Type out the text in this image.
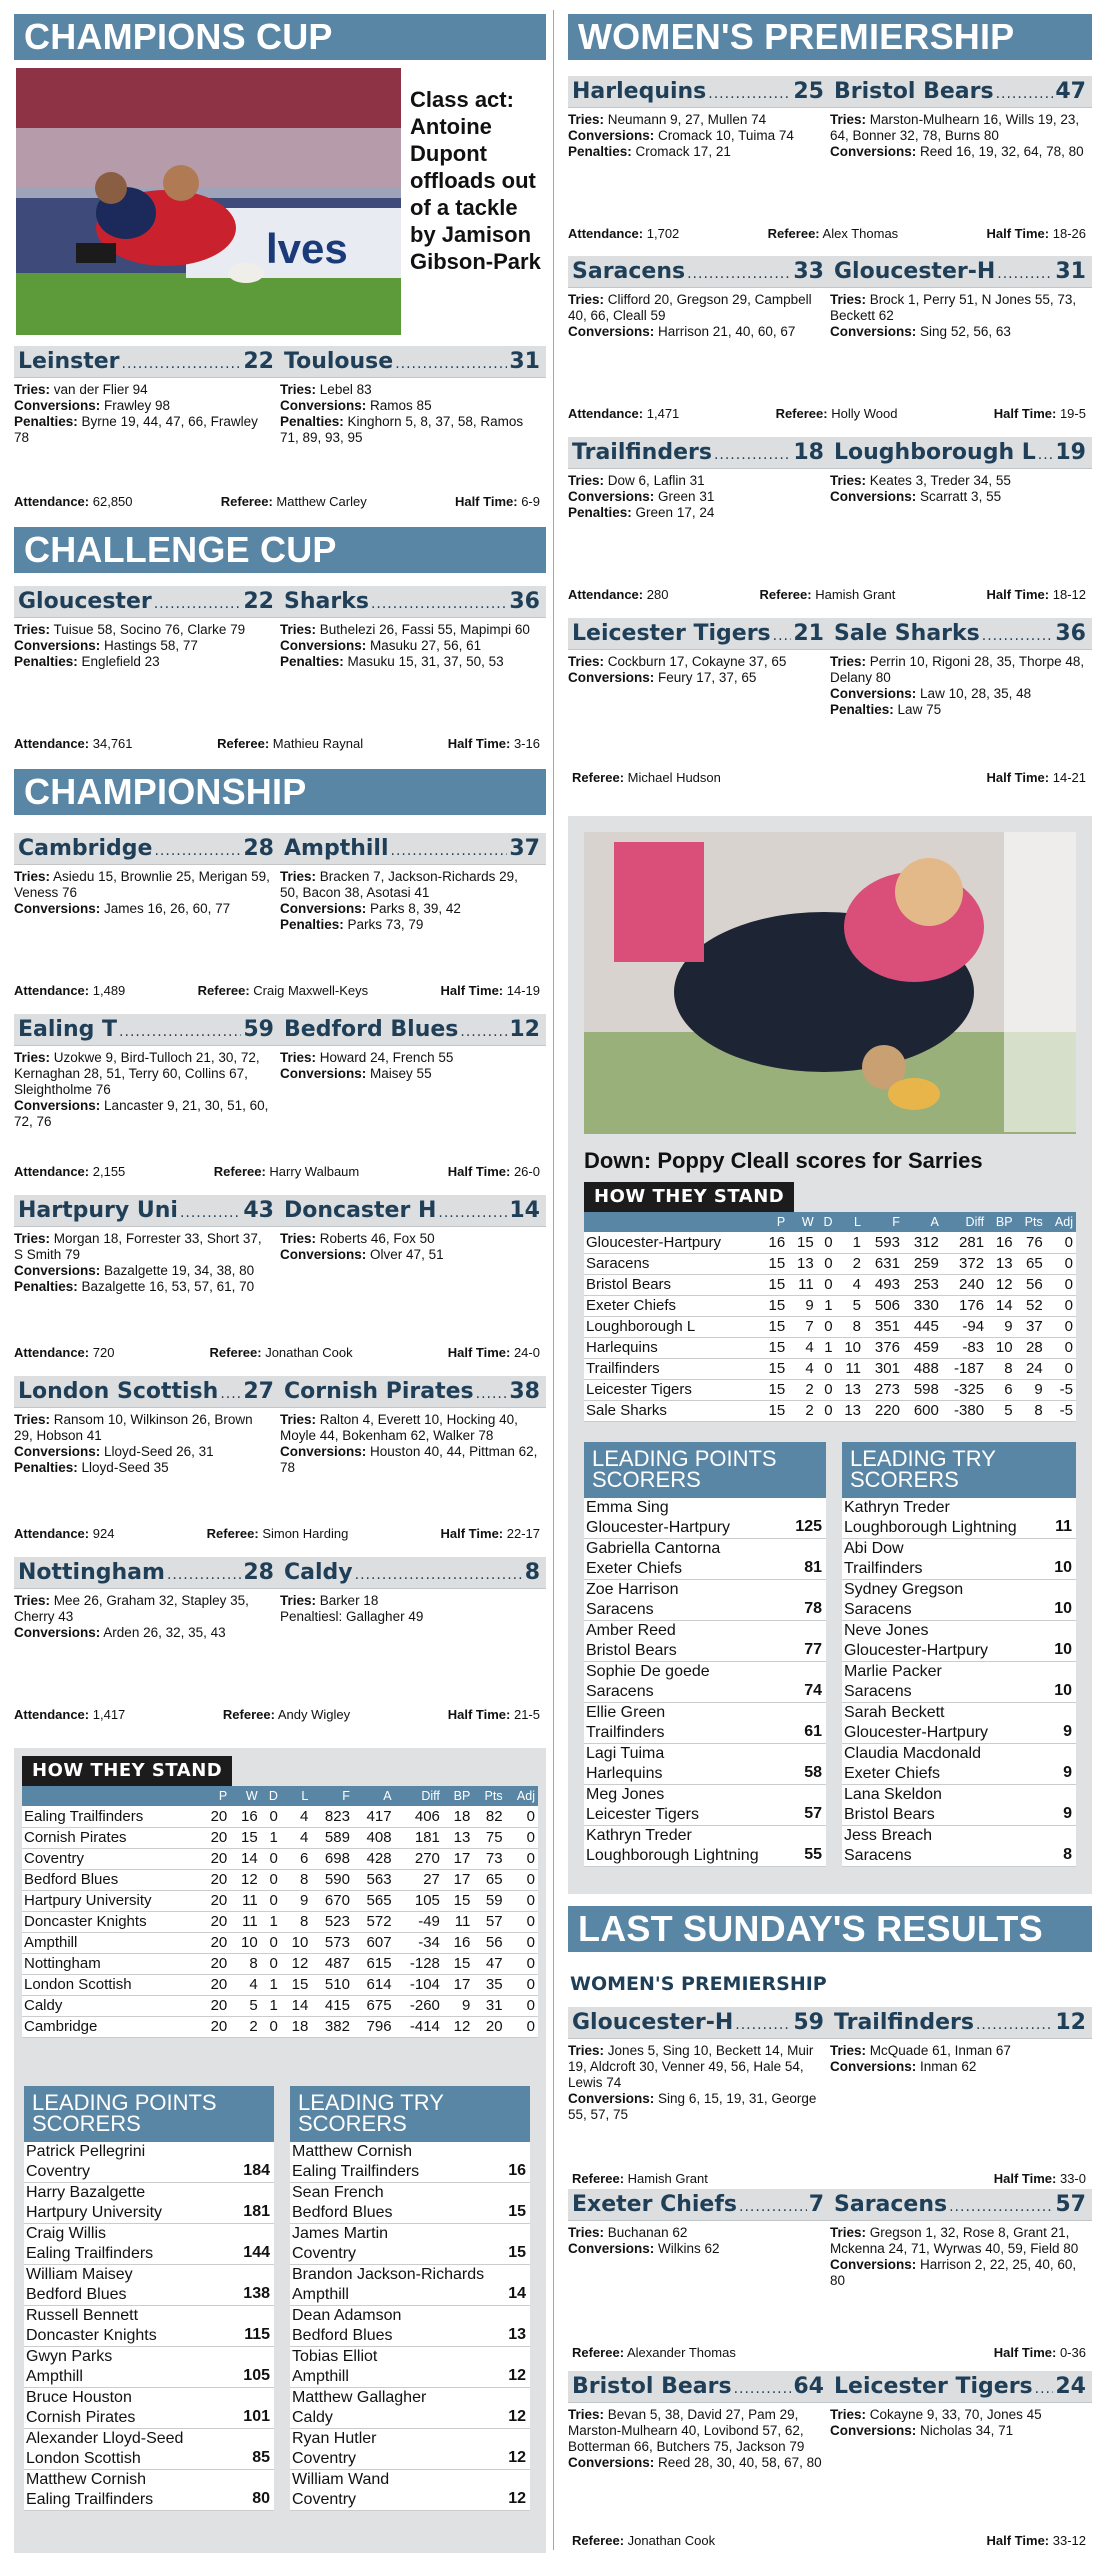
CHAMPIONS CUP
lves
Class act: Antoine Dupont offloads out of a tackle by Jamison Gibson-Park
Leinster .....	22 Toulouse .....	31
Tries: van der Flier 94
Conversions: Frawley 98
Penalties: Byrne 19, 44, 47, 66, Frawley 78

Tries: Lebel 83
Conversions: Ramos 85
Penalties: Kinghorn 5, 8, 37, 58, Ramos 71, 89, 93, 95

Attendance: 62,850	Referee: Matthew Carley	Half Time: 6-9
CHALLENGE CUP
Gloucester .....	22 Sharks .....	36
Tries: Tuisue 58, Socino 76, Clarke 79
Conversions: Hastings 58, 77
Penalties: Englefield 23

Tries: Buthelezi 26, Fassi 55, Mapimpi 60
Conversions: Masuku 27, 56, 61
Penalties: Masuku 15, 31, 37, 50, 53

Attendance: 34,761	Referee: Mathieu Raynal	Half Time: 3-16
CHAMPIONSHIP
Cambridge .....	28 Ampthill .....	37
Tries: Asiedu 15, Brownlie 25, Merigan 59, Veness 76
Conversions: James 16, 26, 60, 77

Tries: Bracken 7, Jackson-Richards 29, 50, Bacon 38, Asotasi 41
Conversions: Parks 8, 39, 42
Penalties: Parks 73, 79

Attendance: 1,489	Referee: Craig Maxwell-Keys	Half Time: 14-19
Ealing T .....	59 Bedford Blues ..... 12
Tries: Uzokwe 9, Bird-Tulloch 21, 30, 72, Kernaghan 28, 51, Terry 60, Collins 67, Sleightholme 76
Conversions: Lancaster 9, 21, 30, 51, 60, 72, 76

Tries: Howard 24, French 55
Conversions: Maisey 55

Attendance: 2,155	Referee: Harry Walbaum	Half Time: 26-0
Hartpury Uni .....	43 Doncaster H .....	14
Tries: Morgan 18, Forrester 33, Short 37, S Smith 79
Conversions: Bazalgette 19, 34, 38, 80
Penalties: Bazalgette 16, 53, 57, 61, 70

Tries: Roberts 46, Fox 50
Conversions: Olver 47, 51

Attendance: 720	Referee: Jonathan Cook	Half Time: 24-0
London Scottish ..... 27 Cornish Pirates ..... 38
Tries: Ransom 10, Wilkinson 26, Brown 29, Hobson 41
Conversions: Lloyd-Seed 26, 31
Penalties: Lloyd-Seed 35

Tries: Ralton 4, Everett 10, Hocking 40, Moyle 44, Bokenham 62, Walker 78
Conversions: Houston 40, 44, Pittman 62, 78

Attendance: 924	Referee: Simon Harding	Half Time: 22-17
Nottingham .....	28 Caldy .....	8
Tries: Mee 26, Graham 32, Stapley 35, Cherry 43
Conversions: Arden 26, 32, 35, 43

Tries: Barker 18
Penaltiesl: Gallagher 49

Attendance: 1,417	Referee: Andy Wigley	Half Time: 21-5
HOW THEY STAND
	P	W	D	L	F	A	Diff	BP	Pts	Adj
Ealing Trailfinders	20	16	0	4	823	417	406	18	82	0
Cornish Pirates	20	15	1	4	589	408	181	13	75	0
Coventry	20	14	0	6	698	428	270	17	73	0
Bedford Blues	20	12	0	8	590	563	27	17	65	0
Hartpury University	20	11	0	9	670	565	105	15	59	0
Doncaster Knights	20	11	1	8	523	572	-49	11	57	0
Ampthill	20	10	0	10	573	607	-34	16	56	0
Nottingham	20	8	0	12	487	615	-128	15	47	0
London Scottish	20	4	1	15	510	614	-104	17	35	0
Caldy	20	5	1	14	415	675	-260	9	31	0
Cambridge	20	2	0	18	382	796	-414	12	20	0
LEADING POINTS SCORERS
Patrick Pellegrini
Coventry	184
Harry Bazalgette
Hartpury University	181
Craig Willis
Ealing Trailfinders	144
William Maisey
Bedford Blues	138
Russell Bennett
Doncaster Knights	115
Gwyn Parks
Ampthill	105
Bruce Houston
Cornish Pirates	101
Alexander Lloyd-Seed
London Scottish	85
Matthew Cornish
Ealing Trailfinders	80
LEADING TRY SCORERS
Matthew Cornish
Ealing Trailfinders	16
Sean French
Bedford Blues	15
James Martin
Coventry	15
Brandon Jackson-Richards
Ampthill	14
Dean Adamson
Bedford Blues	13
Tobias Elliot
Ampthill	12
Matthew Gallagher
Caldy	12
Ryan Hutler
Coventry	12
William Wand
Coventry	12
WOMEN'S PREMIERSHIP
Harlequins .....	25 Bristol Bears .....	47
Tries: Neumann 9, 27, Mullen 74
Conversions: Cromack 10, Tuima 74
Penalties: Cromack 17, 21

Tries: Marston-Mulhearn 16, Wills 19, 23, 64, Bonner 32, 78, Burns 80
Conversions: Reed 16, 19, 32, 64, 78, 80

Attendance: 1,702	Referee: Alex Thomas	Half Time: 18-26
Saracens .....	33 Gloucester-H .....	31
Tries: Clifford 20, Gregson 29, Campbell 40, 66, Cleall 59
Conversions: Harrison 21, 40, 60, 67

Tries: Brock 1, Perry 51, N Jones 55, 73, Beckett 62
Conversions: Sing 52, 56, 63

Attendance: 1,471	Referee: Holly Wood	Half Time: 19-5
Trailfinders .....	18 Loughborough L ..... 19
Tries: Dow 6, Laflin 31
Conversions: Green 31
Penalties: Green 17, 24

Tries: Keates 3, Treder 34, 55
Conversions: Scarratt 3, 55

Attendance: 280	Referee: Hamish Grant	Half Time: 18-12
Leicester Tigers ..... 21 Sale Sharks .....	36
Tries: Cockburn 17, Cokayne 37, 65
Conversions: Feury 17, 37, 65

Tries: Perrin 10, Rigoni 28, 35, Thorpe 48, Delany 80
Conversions: Law 10, 28, 35, 48
Penalties: Law 75

Referee: Michael Hudson	Half Time: 14-21
Down: Poppy Cleall scores for Sarries
HOW THEY STAND
	P	W	D	L	F	A	Diff	BP	Pts	Adj
Gloucester-Hartpury	16	15	0	1	593	312	281	16	76	0
Saracens	15	13	0	2	631	259	372	13	65	0
Bristol Bears	15	11	0	4	493	253	240	12	56	0
Exeter Chiefs	15	9	1	5	506	330	176	14	52	0
Loughborough L	15	7	0	8	351	445	-94	9	37	0
Harlequins	15	4	1	10	376	459	-83	10	28	0
Trailfinders	15	4	0	11	301	488	-187	8	24	0
Leicester Tigers	15	2	0	13	273	598	-325	6	9	-5
Sale Sharks	15	2	0	13	220	600	-380	5	8	-5
LEADING POINTS SCORERS
Emma Sing
Gloucester-Hartpury	125
Gabriella Cantorna
Exeter Chiefs	81
Zoe Harrison
Saracens	78
Amber Reed
Bristol Bears	77
Sophie De goede
Saracens	74
Ellie Green
Trailfinders	61
Lagi Tuima
Harlequins	58
Meg Jones
Leicester Tigers	57
Kathryn Treder
Loughborough Lightning	55
LEADING TRY SCORERS
Kathryn Treder
Loughborough Lightning	11
Abi Dow
Trailfinders	10
Sydney Gregson
Saracens	10
Neve Jones
Gloucester-Hartpury	10
Marlie Packer
Saracens	10
Sarah Beckett
Gloucester-Hartpury	9
Claudia Macdonald
Exeter Chiefs	9
Lana Skeldon
Bristol Bears	9
Jess Breach
Saracens	8
LAST SUNDAY'S RESULTS
WOMEN'S PREMIERSHIP
Gloucester-H .....	59 Trailfinders .....	12
Tries: Jones 5, Sing 10, Beckett 14, Muir 19, Aldcroft 30, Venner 49, 56, Hale 54, Lewis 74
Conversions: Sing 6, 15, 19, 31, George 55, 57, 75

Tries: McQuade 61, Inman 67
Conversions: Inman 62

Referee: Hamish Grant	Half Time: 33-0
Exeter Chiefs .....	7 Saracens .....	57
Tries: Buchanan 62
Conversions: Wilkins 62

Tries: Gregson 1, 32, Rose 8, Grant 21, Mckenna 24, 71, Wyrwas 40, 59, Field 80
Conversions: Harrison 2, 22, 25, 40, 60, 80

Referee: Alexander Thomas	Half Time: 0-36
Bristol Bears .....	64 Leicester Tigers ..... 24
Tries: Bevan 5, 38, David 27, Pam 29, Marston-Mulhearn 40, Lovibond 57, 62, Botterman 66, Butchers 75, Jackson 79
Conversions: Reed 28, 30, 40, 58, 67, 80

Tries: Cokayne 9, 33, 70, Jones 45
Conversions: Nicholas 34, 71

Referee: Jonathan Cook	Half Time: 33-12
